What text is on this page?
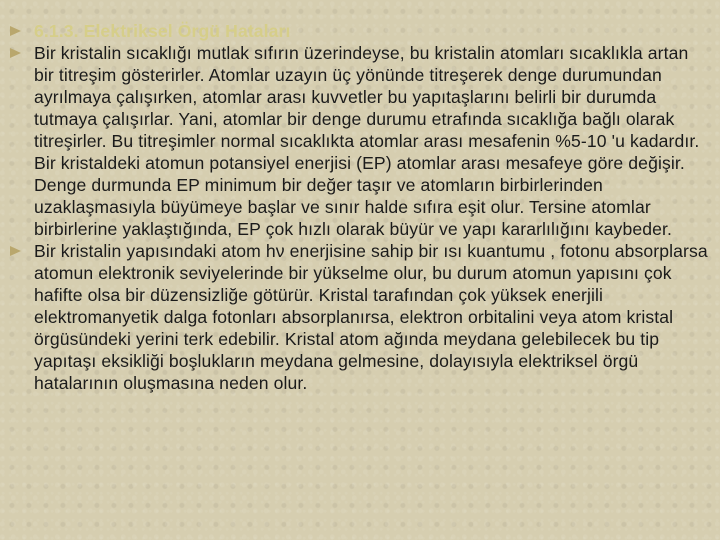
6.1.3. Elektriksel Örgü Hataları
Bir kristalin sıcaklığı mutlak sıfırın üzerindeyse, bu kristalin atomları sıcaklıkla artan bir titreşim gösterirler. Atomlar uzayın üç yönünde titreşerek denge durumundan ayrılmaya çalışırken, atomlar arası kuvvetler bu yapıtaşlarını belirli bir durumda tutmaya çalışırlar. Yani, atomlar bir denge durumu etrafında sıcaklığa bağlı olarak titreşirler. Bu titreşimler normal sıcaklıkta atomlar arası mesafenin %5-10 'u kadardır. Bir kristaldeki atomun potansiyel enerjisi (EP) atomlar arası mesafeye göre değişir. Denge durmunda EP minimum bir değer taşır ve atomların birbirlerinden uzaklaşmasıyla büyümeye başlar ve sınır halde sıfıra eşit olur. Tersine atomlar birbirlerine yaklaştığında, EP çok hızlı olarak büyür ve yapı kararlılığını kaybeder.
Bir kristalin yapısındaki atom hν enerjisine sahip bir ısı kuantumu , fotonu absorplarsa atomun elektronik seviyelerinde bir yükselme olur, bu durum atomun yapısını çok hafifte olsa bir düzensizliğe götürür. Kristal tarafından çok yüksek enerjili elektromanyetik dalga fotonları absorplanırsa, elektron orbitalini veya atom kristal örgüsündeki yerini terk edebilir. Kristal atom ağında meydana gelebilecek bu tip yapıtaşı eksikliği boşlukların meydana gelmesine, dolayısıyla elektriksel örgü hatalarının oluşmasına neden olur.
